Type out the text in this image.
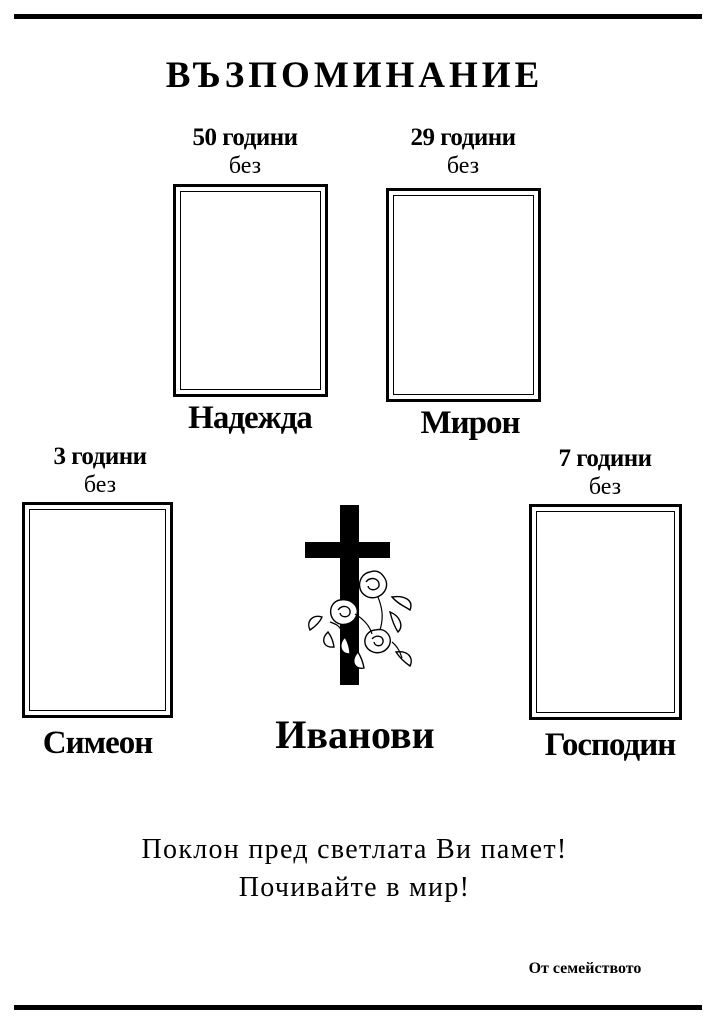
ВЪЗПОМИНАНИЕ
50 години
без
Надежда
29 години
без
Мирон
3 години
без
Симеон
7 години
без
Господин
Иванови
Поклон пред светлата Ви памет!
Почивайте в мир!
От семейството
